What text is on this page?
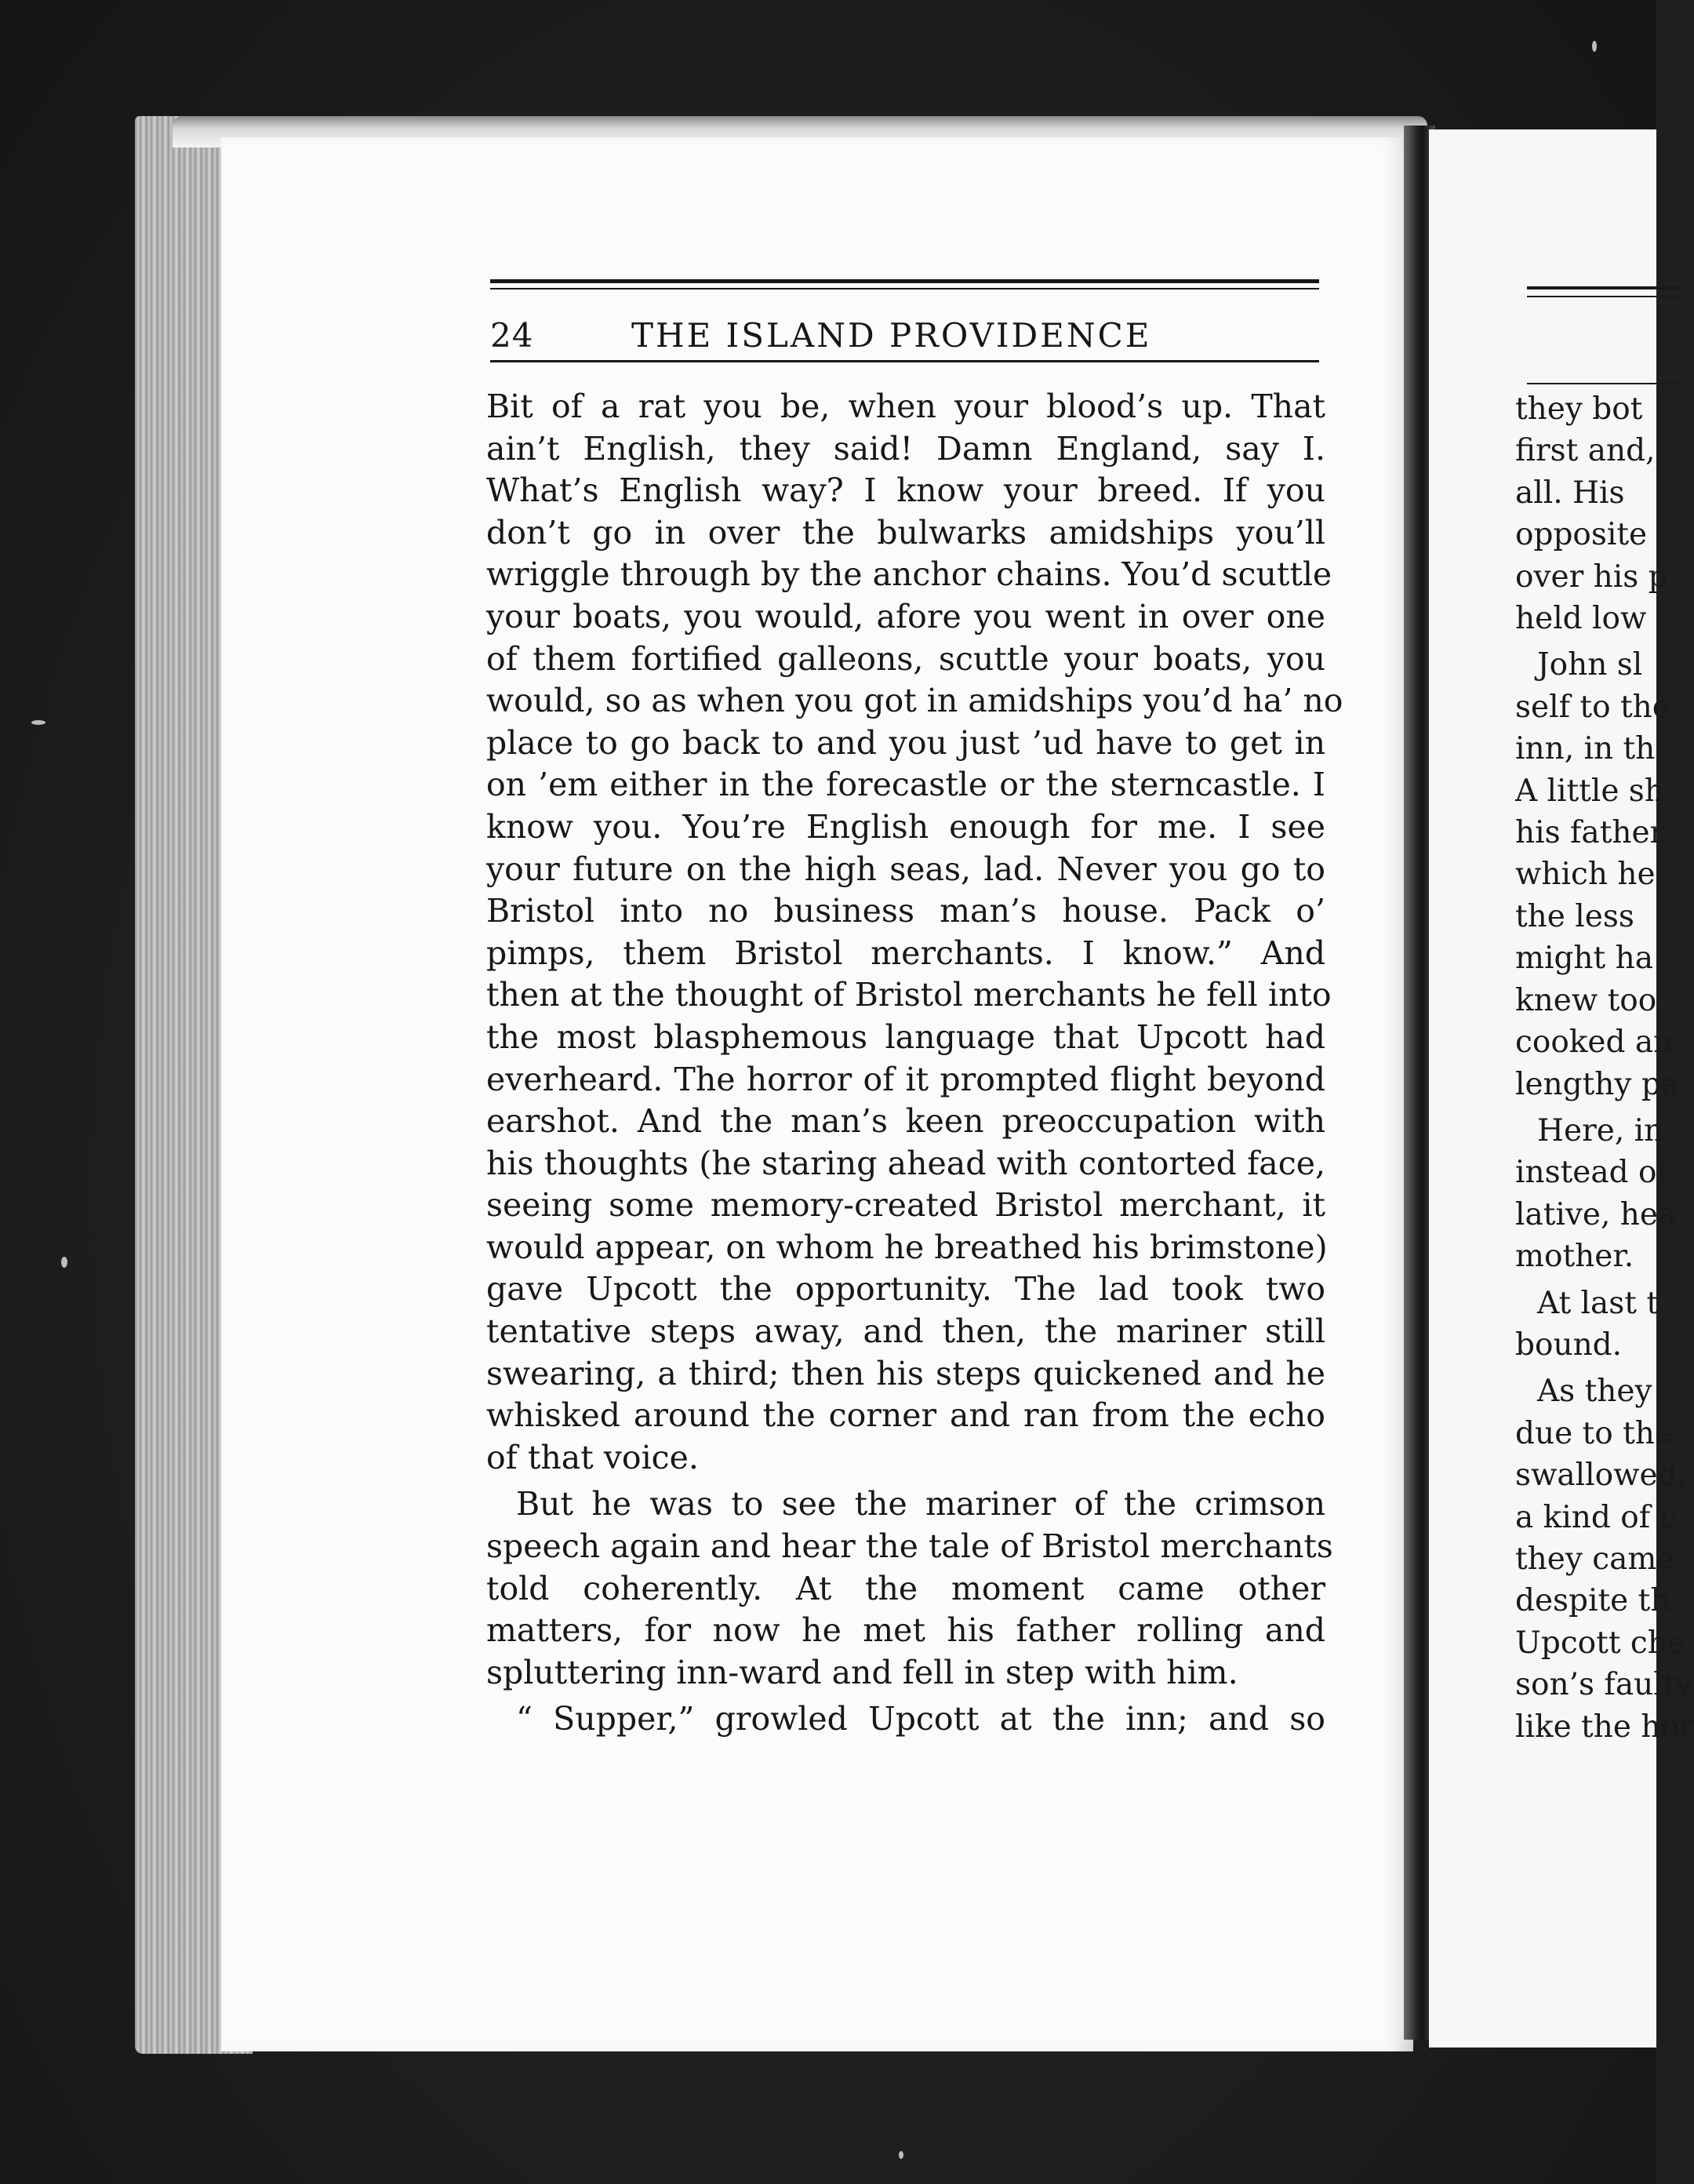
24	THE ISLAND PROVIDENCE
Bit of a rat you be, when your blood’s up. That
ain’t English, they said! Damn England, say I.
What’s English way? I know your breed. If you
don’t go in over the bulwarks amidships you’ll
wriggle through by the anchor chains. You’d scuttle
your boats, you would, afore you went in over one
of them fortified galleons, scuttle your boats, you
would, so as when you got in amidships you’d ha’ no
place to go back to and you just ’ud have to get in
on ’em either in the forecastle or the sterncastle. I
know you. You’re English enough for me. I see
your future on the high seas, lad. Never you go to
Bristol into no business man’s house. Pack o’
pimps, them Bristol merchants. I know.” And
then at the thought of Bristol merchants he fell into
the most blasphemous language that Upcott had
everheard. The horror of it prompted flight beyond
earshot. And the man’s keen preoccupation with
his thoughts (he staring ahead with contorted face,
seeing some memory-created Bristol merchant, it
would appear, on whom he breathed his brimstone)
gave Upcott the opportunity. The lad took two
tentative steps away, and then, the mariner still
swearing, a third; then his steps quickened and he
whisked around the corner and ran from the echo
of that voice.
But he was to see the mariner of the crimson
speech again and hear the tale of Bristol merchants
told coherently. At the moment came other
matters, for now he met his father rolling and
spluttering inn-ward and fell in step with him.
“ Supper,” growled Upcott at the inn; and so
they bot
first and,
all. His
opposite
over his p
held low
John sl
self to the
inn, in th
A little sh
his father
which he
the less
might ha
knew too
cooked an
lengthy pa
Here, in
instead of
lative, hea
mother.
At last t
bound.
As they
due to the
swallowed,
a kind of c
they came
despite th
Upcott che
son’s faulty
like the hor
